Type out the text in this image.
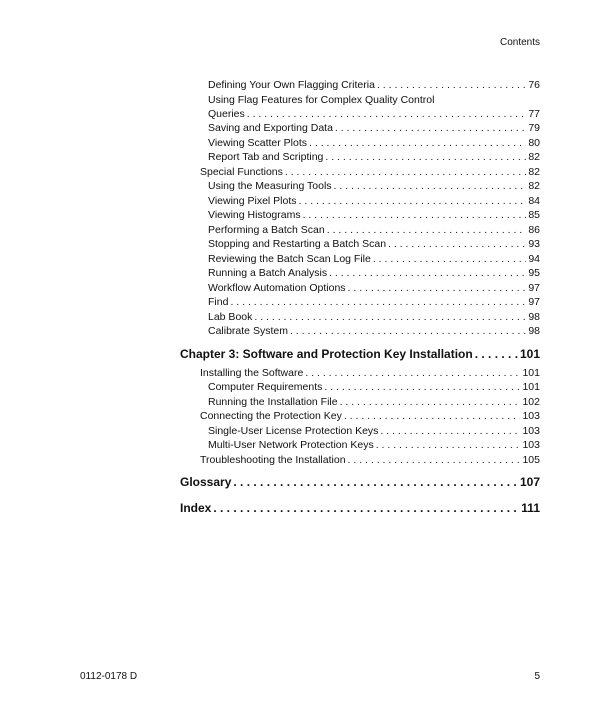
Contents
Defining Your Own Flagging Criteria . . .	76
Using Flag Features for Complex Quality Control
Queries . . .	77
Saving and Exporting Data . . .	79
Viewing Scatter Plots . . .	80
Report Tab and Scripting . . .	82
Special Functions . . .	82
Using the Measuring Tools . . .	82
Viewing Pixel Plots . . .	84
Viewing Histograms . . .	85
Performing a Batch Scan . . .	86
Stopping and Restarting a Batch Scan . . .	93
Reviewing the Batch Scan Log File . . .	94
Running a Batch Analysis . . .	95
Workflow Automation Options . . .	97
Find . . .	97
Lab Book . . .	98
Calibrate System . . .	98
Chapter 3: Software and Protection Key Installation . . .	101
Installing the Software . . .	101
Computer Requirements . . .	101
Running the Installation File . . .	102
Connecting the Protection Key . . .	103
Single-User License Protection Keys . . .	103
Multi-User Network Protection Keys . . .	103
Troubleshooting the Installation . . .	105
Glossary . . .	107
Index . . .	111
0112-0178 D	5
